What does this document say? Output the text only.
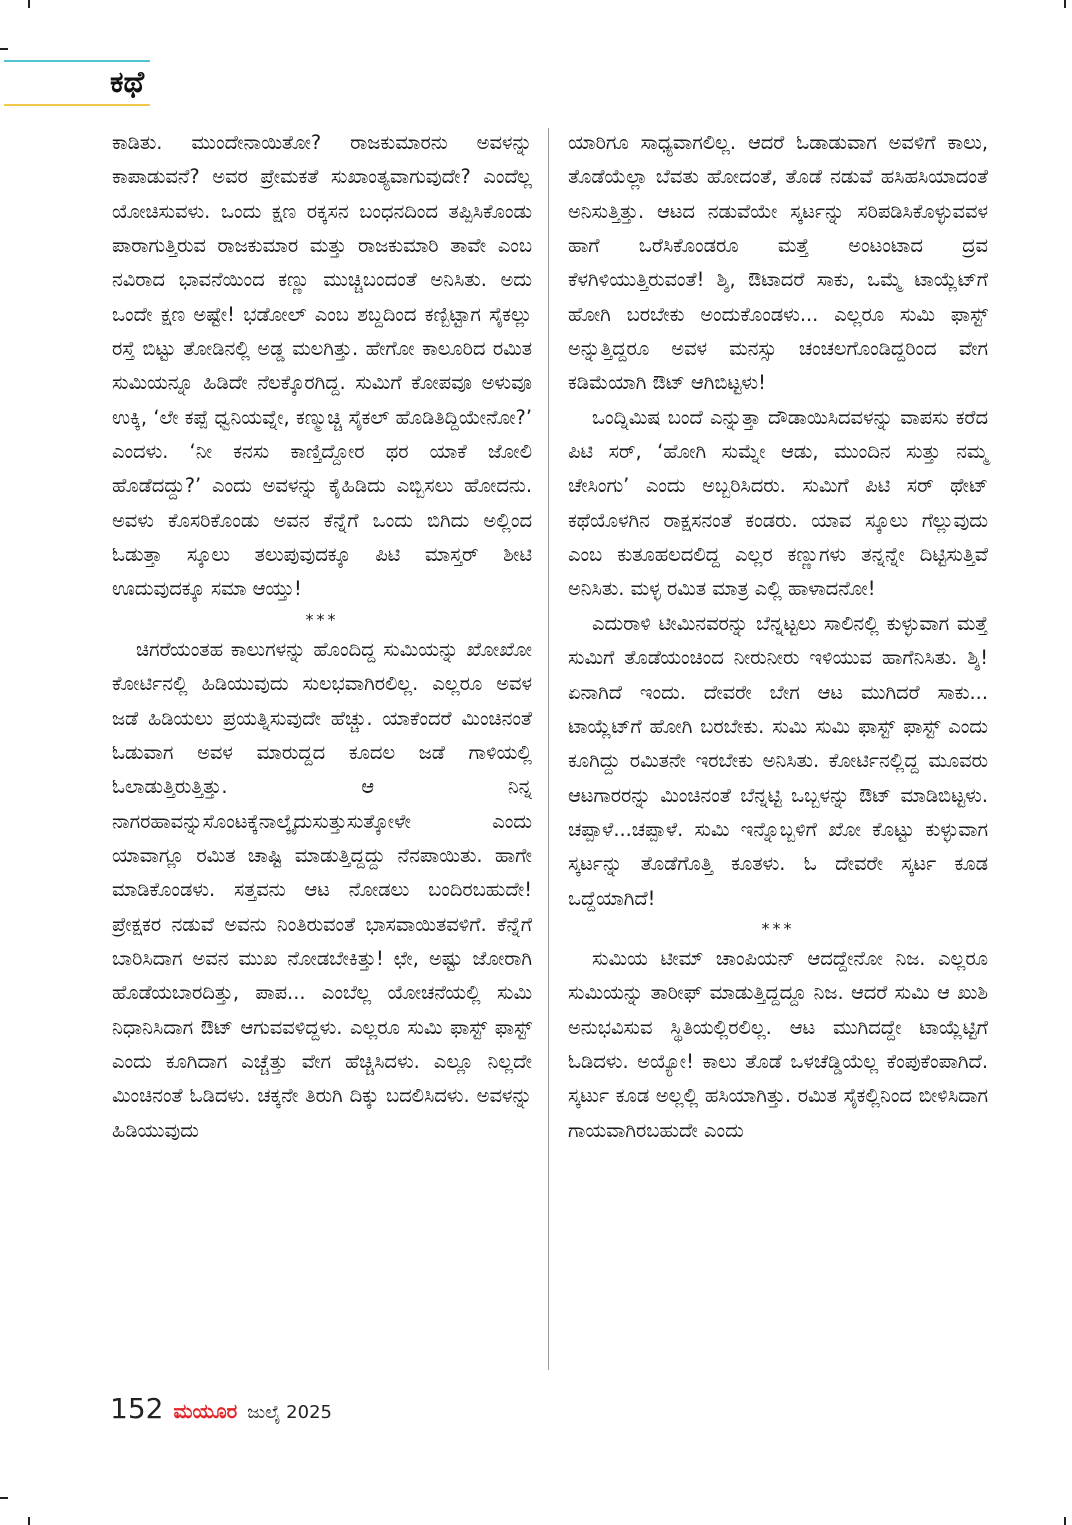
ಕಥೆ

ಕಾಡಿತು. ಮುಂದೇನಾಯಿತೋ? ರಾಜಕುಮಾರನು ಅವಳನ್ನು ಕಾಪಾಡುವನೆ? ಅವರ ಪ್ರೇಮಕತೆ ಸುಖಾಂತ್ಯವಾಗುವುದೇ? ಎಂದೆಲ್ಲ ಯೋಚಿಸುವಳು. ಒಂದು ಕ್ಷಣ ರಕ್ಕಸನ ಬಂಧನದಿಂದ ತಪ್ಪಿಸಿಕೊಂಡು ಪಾರಾಗುತ್ತಿರುವ ರಾಜಕುಮಾರ ಮತ್ತು ರಾಜಕುಮಾರಿ ತಾವೇ ಎಂಬ ನವಿರಾದ ಭಾವನೆಯಿಂದ ಕಣ್ಣು ಮುಚ್ಚಿಬಂದಂತೆ ಅನಿಸಿತು. ಅದು ಒಂದೇ ಕ್ಷಣ ಅಷ್ಟೇ! ಭಡೋಲ್ ಎಂಬ ಶಬ್ದದಿಂದ ಕಣ್ಬಿಟ್ಟಾಗ ಸೈಕಲ್ಲು ರಸ್ತೆ ಬಿಟ್ಟು ತೋಡಿನಲ್ಲಿ ಅಡ್ಡ ಮಲಗಿತ್ತು. ಹೇಗೋ ಕಾಲೂರಿದ ರಮಿತ ಸುಮಿಯನ್ನೂ ಹಿಡಿದೇ ನೆಲಕ್ಕೊರಗಿದ್ದ. ಸುಮಿಗೆ ಕೋಪವೂ ಅಳುವೂ ಉಕ್ಕಿ, ‘ಲೇ ಕಪ್ಪೆ ಧ್ವನಿಯವ್ನೇ, ಕಣ್ಮುಚ್ಚಿ ಸೈಕಲ್ ಹೊಡಿತಿದ್ದಿಯೇನೋ?’ ಎಂದಳು. ‘ನೀ ಕನಸು ಕಾಣ್ತಿದ್ದೋರ ಥರ ಯಾಕೆ ಜೋಲಿ ಹೊಡೆದದ್ದು?’ ಎಂದು ಅವಳನ್ನು ಕೈಹಿಡಿದು ಎಬ್ಬಿಸಲು ಹೋದನು. ಅವಳು ಕೊಸರಿಕೊಂಡು ಅವನ ಕೆನ್ನೆಗೆ ಒಂದು ಬಿಗಿದು ಅಲ್ಲಿಂದ ಓಡುತ್ತಾ ಸ್ಕೂಲು ತಲುಪುವುದಕ್ಕೂ ಪಿಟಿ ಮಾಸ್ತರ್ ಶೀಟಿ ಊದುವುದಕ್ಕೂ ಸಮಾ ಆಯ್ತು!

***

ಚಿಗರೆಯಂತಹ ಕಾಲುಗಳನ್ನು ಹೊಂದಿದ್ದ ಸುಮಿಯನ್ನು ಖೋಖೋ ಕೋರ್ಟಿನಲ್ಲಿ ಹಿಡಿಯುವುದು ಸುಲಭವಾಗಿರಲಿಲ್ಲ. ಎಲ್ಲರೂ ಅವಳ ಜಡೆ ಹಿಡಿಯಲು ಪ್ರಯತ್ನಿಸುವುದೇ ಹೆಚ್ಚು. ಯಾಕೆಂದರೆ ಮಿಂಚಿನಂತೆ ಓಡುವಾಗ ಅವಳ ಮಾರುದ್ದದ ಕೂದಲ ಜಡೆ ಗಾಳಿಯಲ್ಲಿ ಓಲಾಡುತ್ತಿರುತ್ತಿತ್ತು. ಆ ನಿನ್ನ ನಾಗರಹಾವನ್ನುಸೊಂಟಕ್ಕೆನಾಲ್ಕೈದುಸುತ್ತುಸುತ್ಕೋಳೇ ಎಂದು ಯಾವಾಗ್ಲೂ ರಮಿತ ಚಾಷ್ಟಿ ಮಾಡುತ್ತಿದ್ದದ್ದು ನೆನಪಾಯಿತು. ಹಾಗೇ ಮಾಡಿಕೊಂಡಳು. ಸತ್ತವನು ಆಟ ನೋಡಲು ಬಂದಿರಬಹುದೇ! ಪ್ರೇಕ್ಷಕರ ನಡುವೆ ಅವನು ನಿಂತಿರುವಂತೆ ಭಾಸವಾಯಿತವಳಿಗೆ. ಕೆನ್ನೆಗೆ ಬಾರಿಸಿದಾಗ ಅವನ ಮುಖ ನೋಡಬೇಕಿತ್ತು! ಛೇ, ಅಷ್ಟು ಜೋರಾಗಿ ಹೊಡೆಯಬಾರದಿತ್ತು, ಪಾಪ... ಎಂಬೆಲ್ಲ ಯೋಚನೆಯಲ್ಲಿ ಸುಮಿ ನಿಧಾನಿಸಿದಾಗ ಔಟ್ ಆಗುವವಳಿದ್ದಳು. ಎಲ್ಲರೂ ಸುಮಿ ಫಾಸ್ಟ್ ಫಾಸ್ಟ್ ಎಂದು ಕೂಗಿದಾಗ ಎಚ್ಚೆತ್ತು ವೇಗ ಹೆಚ್ಚಿಸಿದಳು. ಎಲ್ಲೂ ನಿಲ್ಲದೇ ಮಿಂಚಿನಂತೆ ಓಡಿದಳು. ಚಕ್ಕನೇ ತಿರುಗಿ ದಿಕ್ಕು ಬದಲಿಸಿದಳು. ಅವಳನ್ನು ಹಿಡಿಯುವುದು

ಯಾರಿಗೂ ಸಾಧ್ಯವಾಗಲಿಲ್ಲ. ಆದರೆ ಓಡಾಡುವಾಗ ಅವಳಿಗೆ ಕಾಲು, ತೊಡೆಯೆಲ್ಲಾ ಬೆವತು ಹೋದಂತೆ, ತೊಡೆ ನಡುವೆ ಹಸಿಹಸಿಯಾದಂತೆ ಅನಿಸುತ್ತಿತ್ತು. ಆಟದ ನಡುವೆಯೇ ಸ್ಕರ್ಟನ್ನು ಸರಿಪಡಿಸಿಕೊಳ್ಳುವವಳ ಹಾಗೆ ಒರೆಸಿಕೊಂಡರೂ ಮತ್ತೆ ಅಂಟಂಟಾದ ದ್ರವ ಕೆಳಗಿಳಿಯುತ್ತಿರುವಂತೆ! ಶ್ಶಿ, ಔಟಾದರೆ ಸಾಕು, ಒಮ್ಮೆ ಟಾಯ್ಲೆಟ್‌ಗೆ ಹೋಗಿ ಬರಬೇಕು ಅಂದುಕೊಂಡಳು... ಎಲ್ಲರೂ ಸುಮಿ ಫಾಸ್ಟ್ ಅನ್ನುತ್ತಿದ್ದರೂ ಅವಳ ಮನಸ್ಸು ಚಂಚಲಗೊಂಡಿದ್ದರಿಂದ ವೇಗ ಕಡಿಮೆಯಾಗಿ ಔಟ್ ಆಗಿಬಿಟ್ಟಳು!

ಒಂದ್ನಿಮಿಷ ಬಂದೆ ಎನ್ನುತ್ತಾ ದೌಡಾಯಿಸಿದವಳನ್ನು ವಾಪಸು ಕರೆದ ಪಿಟಿ ಸರ್, ‘ಹೋಗಿ ಸುಮ್ನೇ ಆಡು, ಮುಂದಿನ ಸುತ್ತು ನಮ್ಮ ಚೇಸಿಂಗು’ ಎಂದು ಅಬ್ಬರಿಸಿದರು. ಸುಮಿಗೆ ಪಿಟಿ ಸರ್ ಥೇಟ್ ಕಥೆಯೊಳಗಿನ ರಾಕ್ಷಸನಂತೆ ಕಂಡರು. ಯಾವ ಸ್ಕೂಲು ಗೆಲ್ಲುವುದು ಎಂಬ ಕುತೂಹಲದಲಿದ್ದ ಎಲ್ಲರ ಕಣ್ಣುಗಳು ತನ್ನನ್ನೇ ದಿಟ್ಟಿಸುತ್ತಿವೆ ಅನಿಸಿತು. ಮಳ್ಳ ರಮಿತ ಮಾತ್ರ ಎಲ್ಲಿ ಹಾಳಾದನೋ!

ಎದುರಾಳಿ ಟೀಮಿನವರನ್ನು ಬೆನ್ನಟ್ಟಲು ಸಾಲಿನಲ್ಲಿ ಕುಳ್ಳುವಾಗ ಮತ್ತೆ ಸುಮಿಗೆ ತೊಡೆಯಂಚಿಂದ ನೀರುನೀರು ಇಳಿಯುವ ಹಾಗೆನಿಸಿತು. ಶ್ಶಿ! ಏನಾಗಿದೆ ಇಂದು. ದೇವರೇ ಬೇಗ ಆಟ ಮುಗಿದರೆ ಸಾಕು... ಟಾಯ್ಲೆಟ್‌ಗೆ ಹೋಗಿ ಬರಬೇಕು. ಸುಮಿ ಸುಮಿ ಫಾಸ್ಟ್ ಫಾಸ್ಟ್ ಎಂದು ಕೂಗಿದ್ದು ರಮಿತನೇ ಇರಬೇಕು ಅನಿಸಿತು. ಕೋರ್ಟಿನಲ್ಲಿದ್ದ ಮೂವರು ಆಟಗಾರರನ್ನು ಮಿಂಚಿನಂತೆ ಬೆನ್ನಟ್ಟಿ ಒಬ್ಬಳನ್ನು ಔಟ್ ಮಾಡಿಬಿಟ್ಟಳು. ಚಪ್ಪಾಳೆ...ಚಪ್ಪಾಳೆ. ಸುಮಿ ಇನ್ನೊಬ್ಬಳಿಗೆ ಖೋ ಕೊಟ್ಟು ಕುಳ್ಳುವಾಗ ಸ್ಕರ್ಟನ್ನು ತೊಡೆಗೊತ್ತಿ ಕೂತಳು. ಓ ದೇವರೇ ಸ್ಕರ್ಟ ಕೂಡ ಒದ್ದೆಯಾಗಿದೆ!

***

ಸುಮಿಯ ಟೀಮ್ ಚಾಂಪಿಯನ್ ಆದದ್ದೇನೋ ನಿಜ. ಎಲ್ಲರೂ ಸುಮಿಯನ್ನು ತಾರೀಫ್ ಮಾಡುತ್ತಿದ್ದದ್ದೂ ನಿಜ. ಆದರೆ ಸುಮಿ ಆ ಖುಶಿ ಅನುಭವಿಸುವ ಸ್ಥಿತಿಯಲ್ಲಿರಲಿಲ್ಲ. ಆಟ ಮುಗಿದದ್ದೇ ಟಾಯ್ಲೆಟ್ಟಿಗೆ ಓಡಿದಳು. ಅಯ್ಯೋ! ಕಾಲು ತೊಡೆ ಒಳಚೆಡ್ಡಿಯೆಲ್ಲ ಕೆಂಪುಕೆಂಪಾಗಿದೆ. ಸ್ಕರ್ಟು ಕೂಡ ಅಲ್ಲಲ್ಲಿ ಹಸಿಯಾಗಿತ್ತು. ರಮಿತ ಸೈಕಲ್ಲಿನಿಂದ ಬೀಳಿಸಿದಾಗ ಗಾಯವಾಗಿರಬಹುದೇ ಎಂದು

152 ಮಯೂರ ಜುಲೈ 2025
